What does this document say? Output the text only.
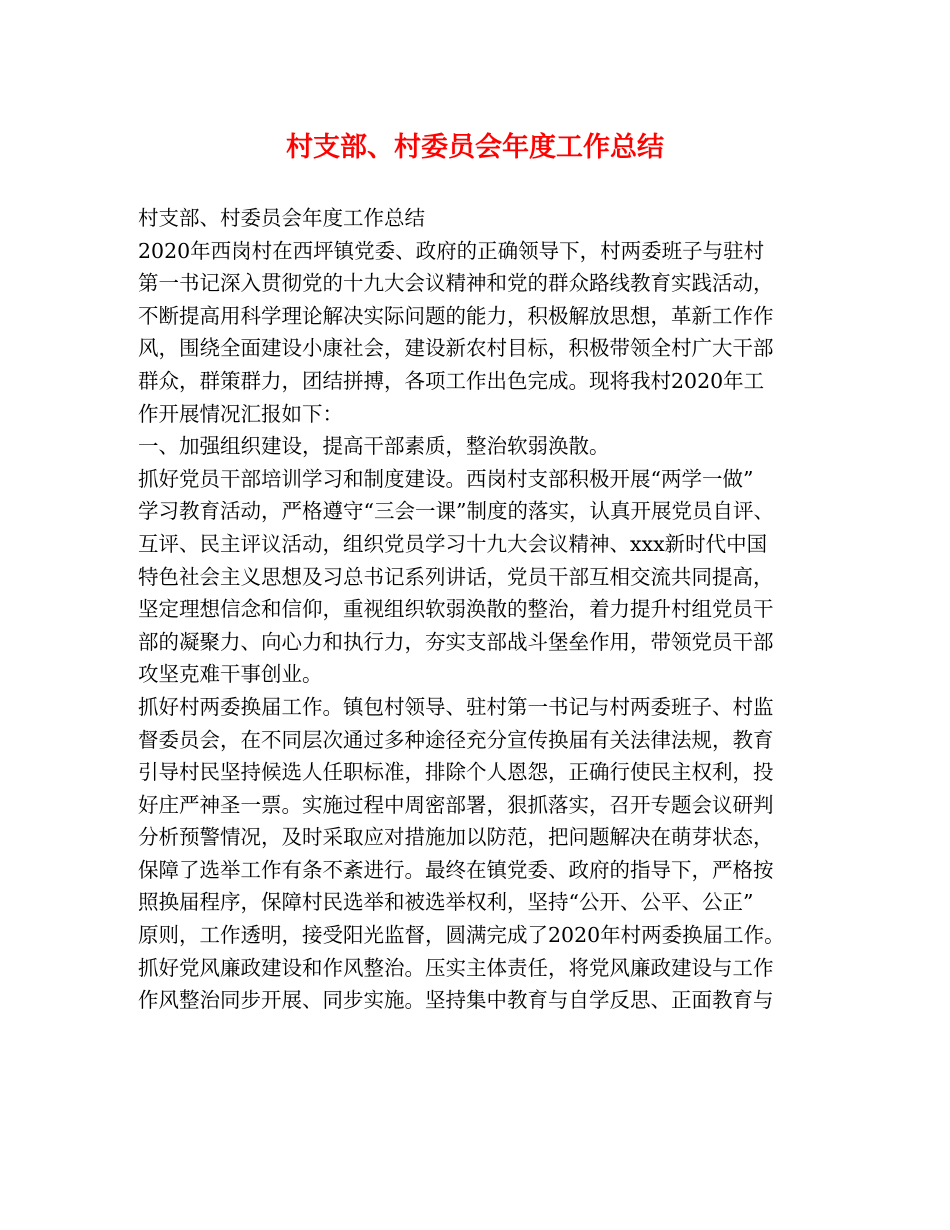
村支部、村委员会年度工作总结
村支部、村委员会年度工作总结
2020年西岗村在西坪镇党委、政府的正确领导下，村两委班子与驻村
第一书记深入贯彻党的十九大会议精神和党的群众路线教育实践活动，
不断提高用科学理论解决实际问题的能力，积极解放思想，革新工作作
风，围绕全面建设小康社会，建设新农村目标，积极带领全村广大干部
群众，群策群力，团结拼搏，各项工作出色完成。现将我村2020年工
作开展情况汇报如下：
一、加强组织建设，提高干部素质，整治软弱涣散。
抓好党员干部培训学习和制度建设。西岗村支部积极开展“两学一做”
学习教育活动，严格遵守“三会一课”制度的落实，认真开展党员自评、
互评、民主评议活动，组织党员学习十九大会议精神、xxx新时代中国
特色社会主义思想及习总书记系列讲话，党员干部互相交流共同提高，
坚定理想信念和信仰，重视组织软弱涣散的整治，着力提升村组党员干
部的凝聚力、向心力和执行力，夯实支部战斗堡垒作用，带领党员干部
攻坚克难干事创业。
抓好村两委换届工作。镇包村领导、驻村第一书记与村两委班子、村监
督委员会，在不同层次通过多种途径充分宣传换届有关法律法规，教育
引导村民坚持候选人任职标准，排除个人恩怨，正确行使民主权利，投
好庄严神圣一票。实施过程中周密部署，狠抓落实，召开专题会议研判
分析预警情况，及时采取应对措施加以防范，把问题解决在萌芽状态，
保障了选举工作有条不紊进行。最终在镇党委、政府的指导下，严格按
照换届程序，保障村民选举和被选举权利，坚持“公开、公平、公正”
原则，工作透明，接受阳光监督，圆满完成了2020年村两委换届工作。
抓好党风廉政建设和作风整治。压实主体责任，将党风廉政建设与工作
作风整治同步开展、同步实施。坚持集中教育与自学反思、正面教育与
